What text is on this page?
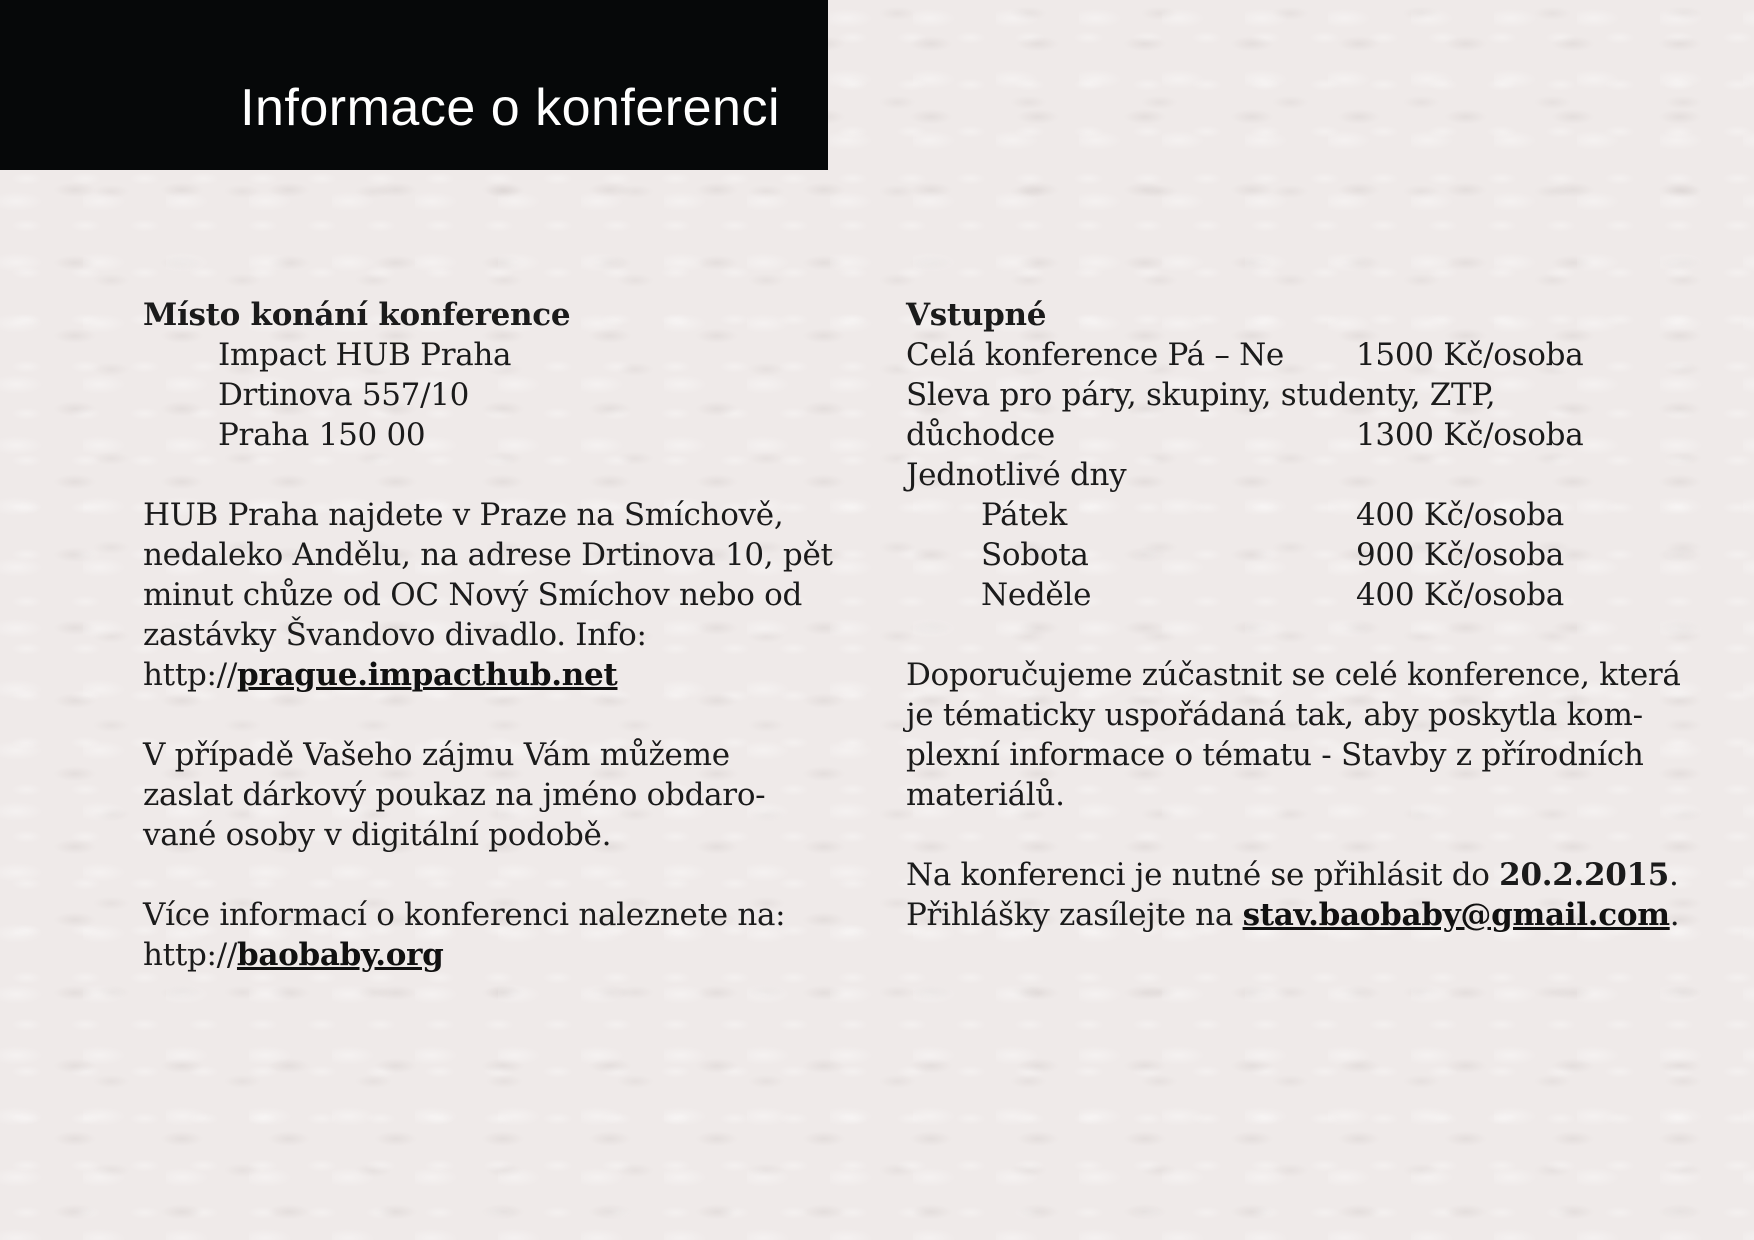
Informace o konferenci

Místo konání konference

Impact HUB Praha
Drtinova 557/10
Praha 150 00
HUB Praha najdete v Praze na Smíchově,
nedaleko Andělu, na adrese Drtinova 10, pět
minut chůze od OC Nový Smíchov nebo od
zastávky Švandovo divadlo. Info:
http://prague.impacthub.net
V případě Vašeho zájmu Vám můžeme
zaslat dárkový poukaz na jméno obdaro-
vané osoby v digitální podobě.
Více informací o konferenci naleznete na:
http://baobaby.org

Vstupné

Celá konference Pá – Ne 1500 Kč/osoba
Sleva pro páry, skupiny, studenty, ZTP,
důchodce	1300 Kč/osoba
Jednotlivé dny
Pátek	400 Kč/osoba
Sobota	900 Kč/osoba
Neděle	400 Kč/osoba
Doporučujeme zúčastnit se celé konference, která
je tématicky uspořádaná tak, aby poskytla kom-
plexní informace o tématu - Stavby z přírodních
materiálů.
Na konferenci je nutné se přihlásit do 20.2.2015.
Přihlášky zasílejte na stav.baobaby@gmail.com.
